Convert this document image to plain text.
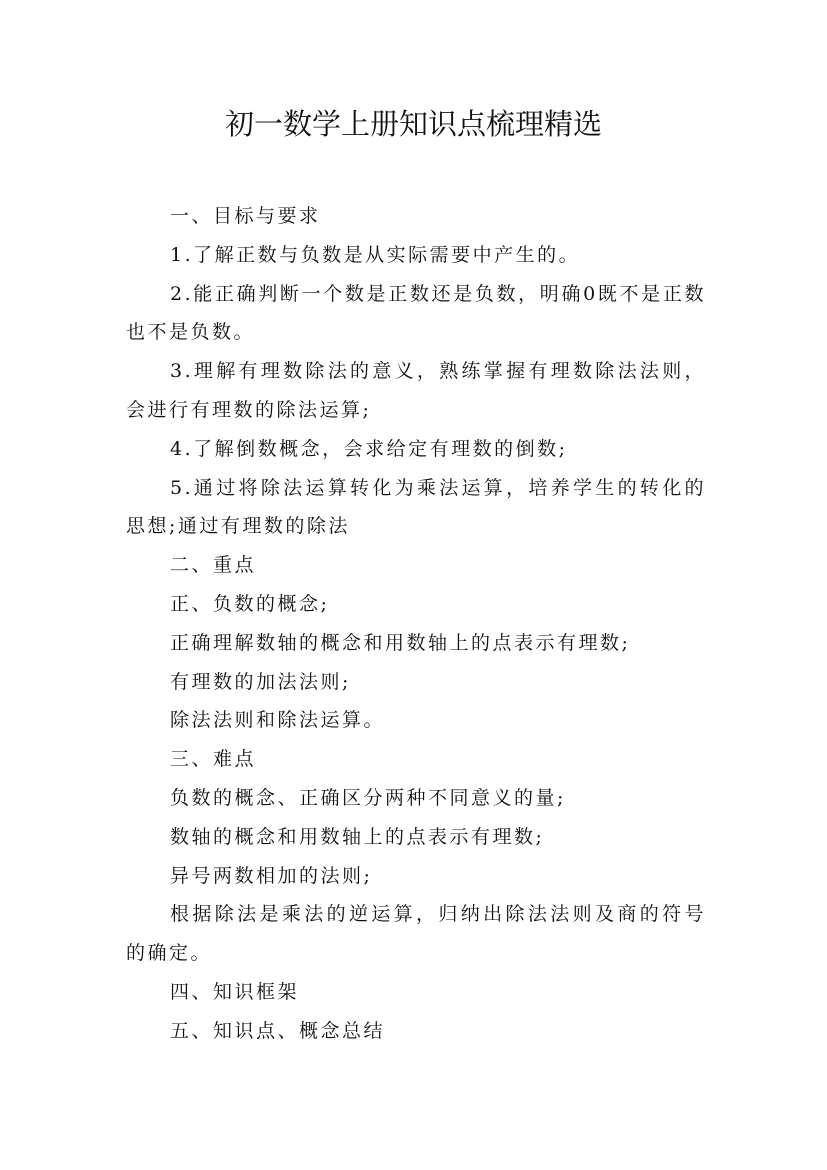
初一数学上册知识点梳理精选

一、目标与要求

1.了解正数与负数是从实际需要中产生的。

2.能正确判断一个数是正数还是负数，明确0既不是正数也不是负数。

3.理解有理数除法的意义，熟练掌握有理数除法法则，会进行有理数的除法运算;

4.了解倒数概念，会求给定有理数的倒数;

5.通过将除法运算转化为乘法运算，培养学生的转化的思想;通过有理数的除法

二、重点

正、负数的概念;

正确理解数轴的概念和用数轴上的点表示有理数;

有理数的加法法则;

除法法则和除法运算。

三、难点

负数的概念、正确区分两种不同意义的量;

数轴的概念和用数轴上的点表示有理数;

异号两数相加的法则;

根据除法是乘法的逆运算，归纳出除法法则及商的符号的确定。

四、知识框架

五、知识点、概念总结
